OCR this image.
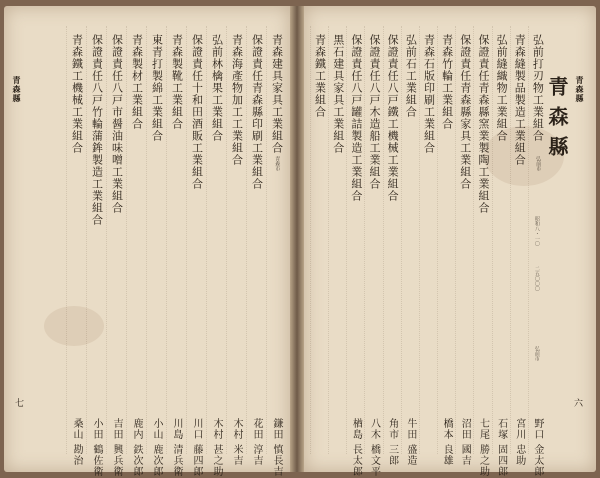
青森縣
七
青森建具家具工業組合
青森市
鎌田 慎長吉
保證責任青森縣印刷工業組合
花田 淳吉
青森海產物加工工業組合
木村 米吉
弘前林檎果工業組合
木村 甚之助
保證責任十和田酒販工業組合
川口 藤四郎
青森製靴工業組合
川島 清兵衛
東青打製綿工業組合
小山 鹿次郎
青森製材工業組合
鹿内 鉄次郎
保證責任八戸市醤油味噌工業組合
吉田 興兵衛
保證責任八戸竹輪蒲鉾製造工業組合
小田 鶴佐衛
青森鐵工機械工業組合
桑山 勘治
青森縣
青森縣
六
弘前打刃物工業組合
弘前市
昭和八・一〇
二五〇〇〇
弘前市
野口 金太郎
青森縫製品製造工業組合
宮川 忠助
弘前縫織物工業組合
石塚 固四郎
保證責任青森縣窯業製陶工業組合
七尾 勝之助
保證責任青森縣家具工業組合
沼田 國吉
青森竹輪工業組合
橋本 良雄
青森石版印刷工業組合
弘前石工業組合
牛田 盛造
保證責任八戸鐵工機械工業組合
角市 三郎
保證責任八戸木造船工業組合
八木 橋文平
保證責任八戸罐詰製造工業組合
楢島 長太郎
黒石建具家具工業組合
青森鐵工業組合
